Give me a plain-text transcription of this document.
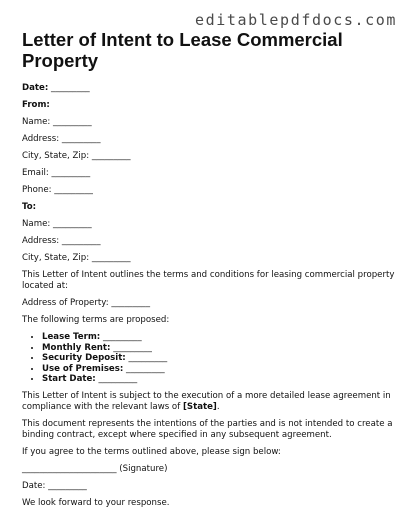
editablepdfdocs.com
Letter of Intent to Lease Commercial Property
Date: _________
From:
Name: _________
Address: _________
City, State, Zip: _________
Email: _________
Phone: _________
To:
Name: _________
Address: _________
City, State, Zip: _________
This Letter of Intent outlines the terms and conditions for leasing commercial property located at:
Address of Property: _________
The following terms are proposed:
• Lease Term: _________
• Monthly Rent: _________
• Security Deposit: _________
• Use of Premises: _________
• Start Date: _________
This Letter of Intent is subject to the execution of a more detailed lease agreement in compliance with the relevant laws of [State].
This document represents the intentions of the parties and is not intended to create a binding contract, except where specified in any subsequent agreement.
If you agree to the terms outlined above, please sign below:
______________________ (Signature)
Date: _________
We look forward to your response.
